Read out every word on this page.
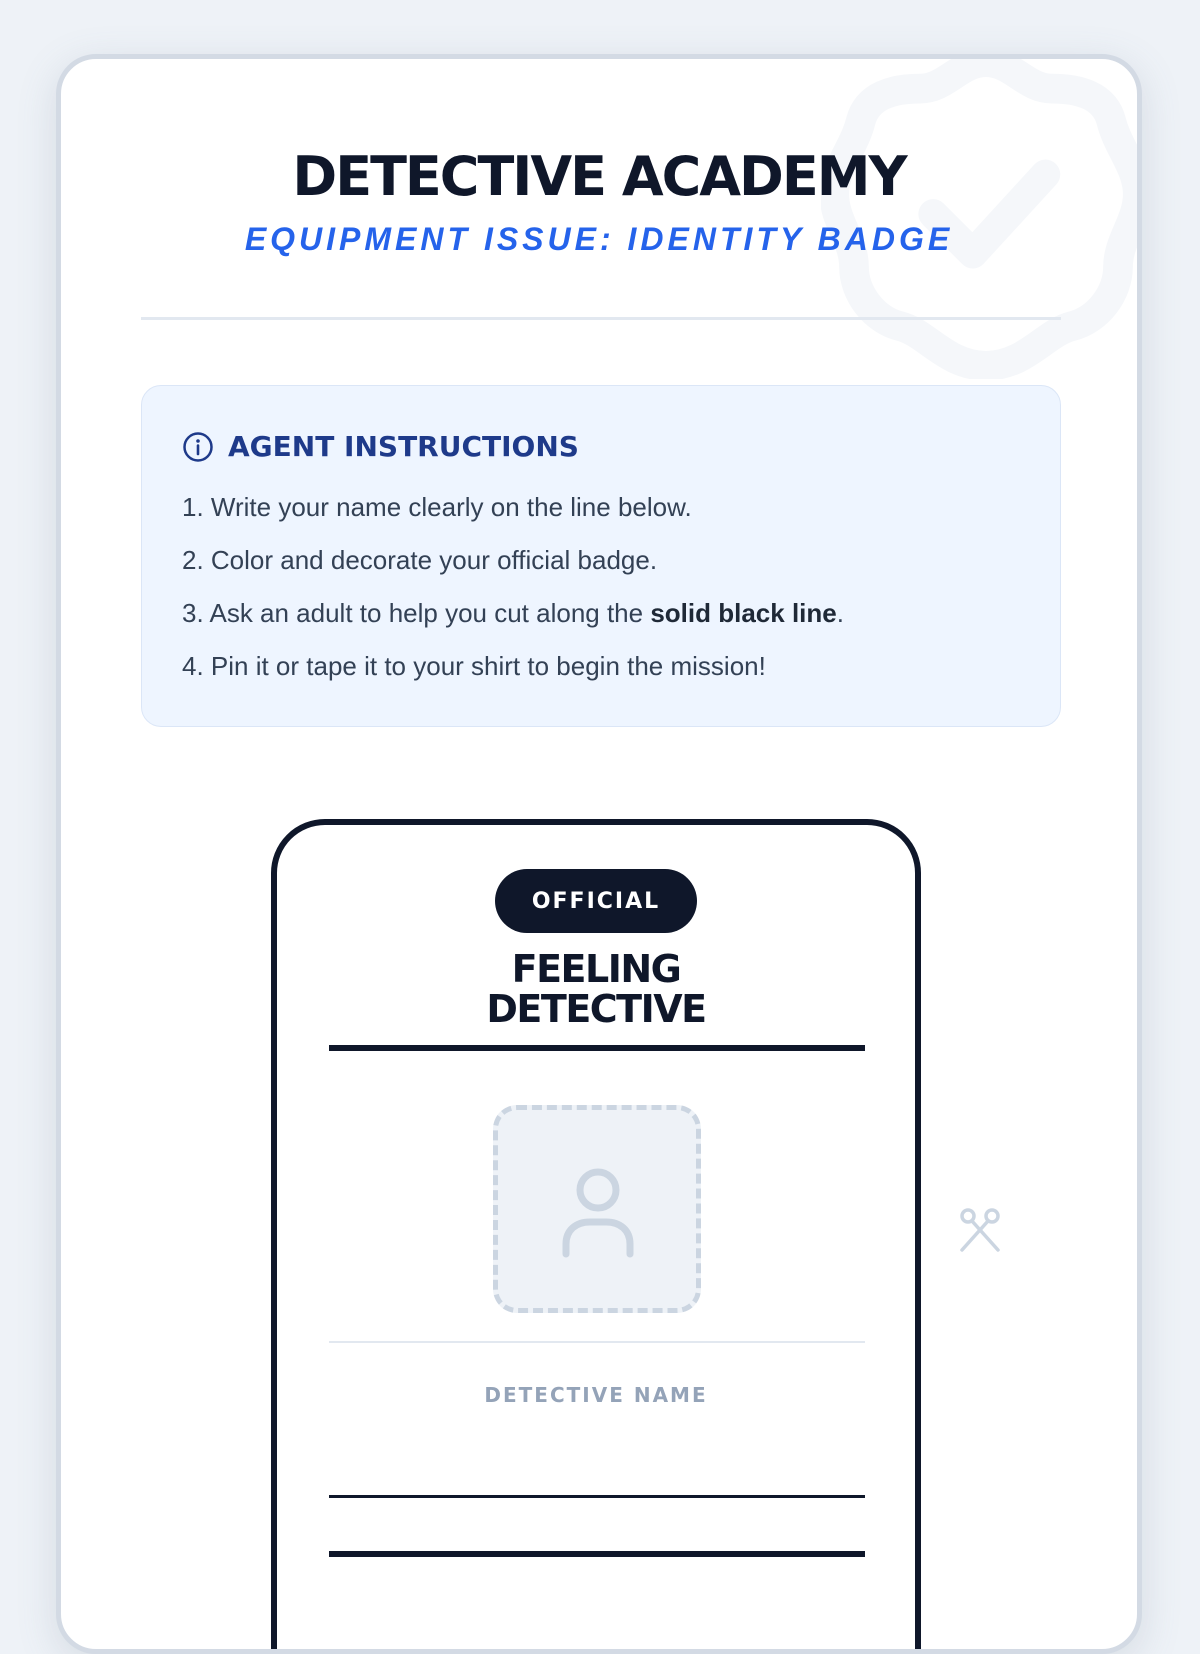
DETECTIVE ACADEMY
EQUIPMENT ISSUE: IDENTITY BADGE
AGENT INSTRUCTIONS
1. Write your name clearly on the line below.
2. Color and decorate your official badge.
3. Ask an adult to help you cut along the solid black line.
4. Pin it or tape it to your shirt to begin the mission!
OFFICIAL
FEELING
DETECTIVE
DETECTIVE NAME
